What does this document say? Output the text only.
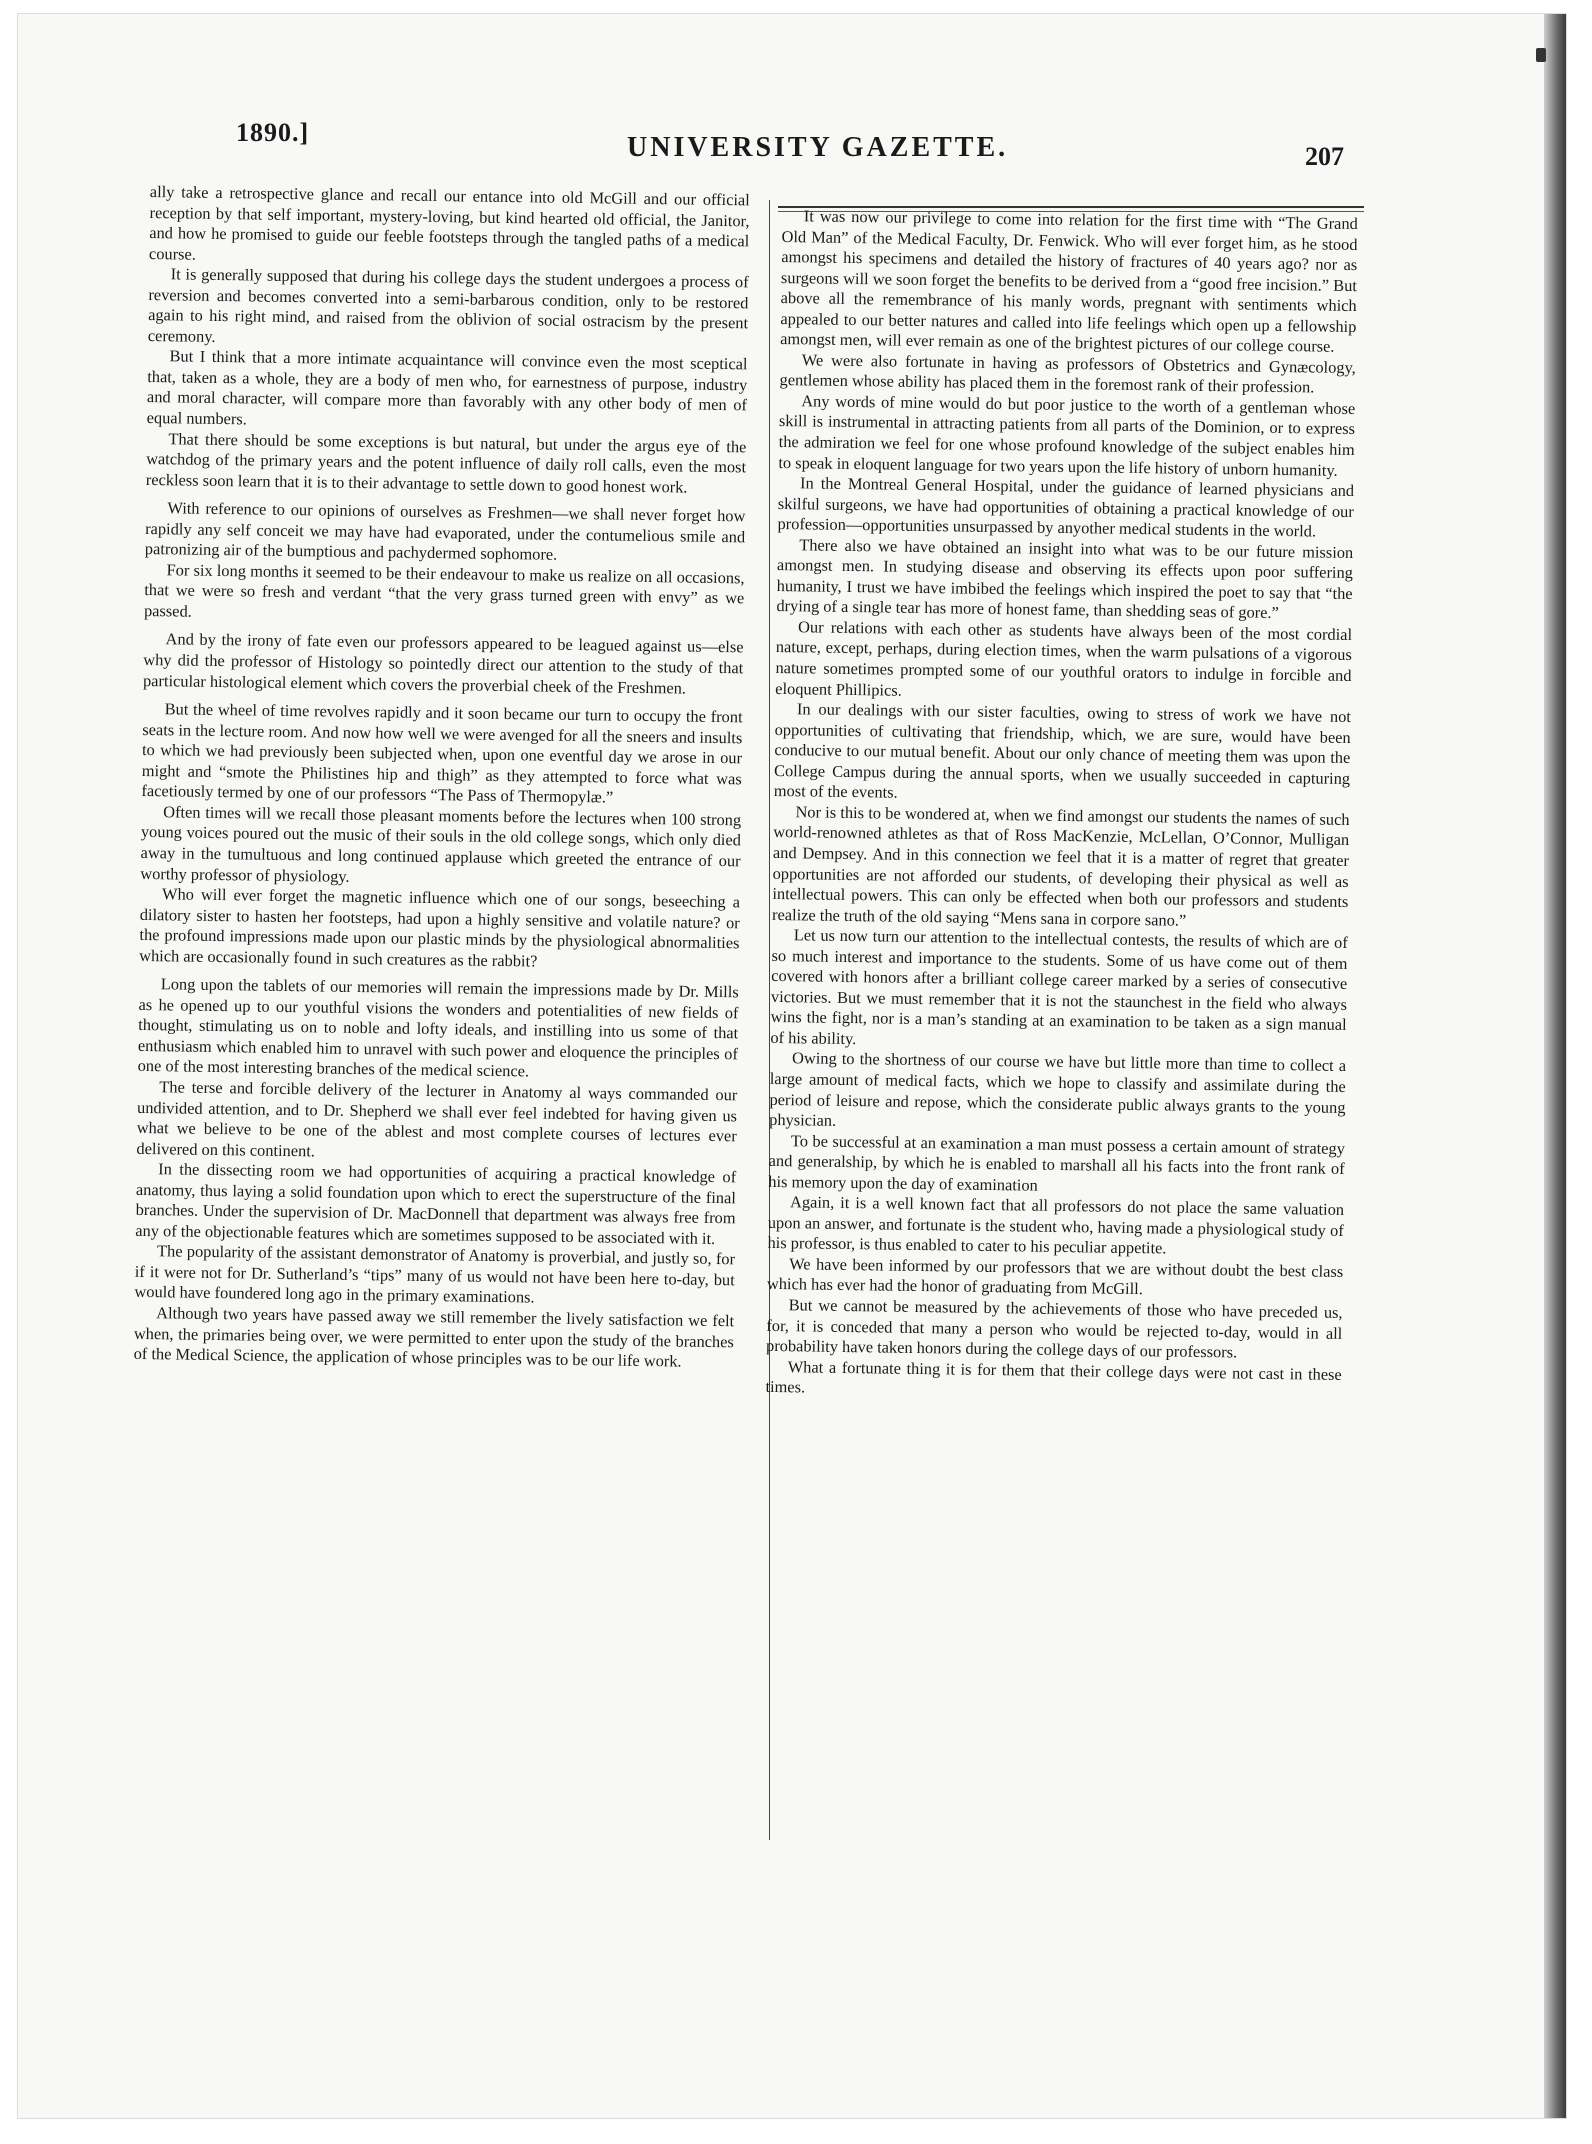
1890.]	UNIVERSITY GAZETTE.	207

ally take a retrospective glance and recall our ent​ance into old McGill and our official reception by that self important, mystery-loving, but kind hearted old official, the Janitor, and how he promised to guide our feeble footsteps through the tangled paths of a medical course.

It is generally supposed that during his college days the student undergoes a process of reversion and becomes converted into a semi-barbarous condition, only to be restored again to his right mind, and raised from the oblivion of social ostracism by the present ceremony.

But I think that a more intimate acquaintance will convince even the most sceptical that, taken as a whole, they are a body of men who, for earnestness of purpose, industry and moral character, will compare more than favorably with any other body of men of equal numbers.

That there should be some exceptions is but natural, but under the argus eye of the watchdog of the primary years and the potent influence of daily roll calls, even the most reckless soon learn that it is to their advantage to settle down to good honest work.

With reference to our opinions of ourselves as Freshmen—we shall never forget how rapidly any self conceit we may have had evaporated, under the contumelious smile and patronizing air of the bumptious and pachydermed sophomore.

For six long months it seemed to be their endeavour to make us realize on all occasions, that we were so fresh and verdant “that the very grass turned green with envy” as we passed.

And by the irony of fate even our professors appeared to be leagued against us—else why did the professor of Histology so pointedly direct our attention to the study of that particular histological element which covers the proverbial cheek of the Freshmen.

But the wheel of time revolves rapidly and it soon became our turn to occupy the front seats in the lecture room. And now how well we were avenged for all the sneers and insults to which we had previously been subjected when, upon one eventful day we arose in our might and “smote the Philistines hip and thigh” as they attempted to force what was facetiously termed by one of our professors “The Pass of Thermopylæ.”

Often times will we recall those pleasant moments before the lectures when 100 strong young voices poured out the music of their souls in the old college songs, which only died away in the tumultuous and long continued applause which greeted the entrance of our worthy professor of physiology.

Who will ever forget the magnetic influence which one of our songs, beseeching a dilatory sister to hasten her footsteps, had upon a highly sensitive and volatile nature? or the profound impressions made upon our plastic minds by the physiological abnormalities which are occasionally found in such creatures as the rabbit?

Long upon the tablets of our memories will remain the impressions made by Dr. Mills as he opened up to our youthful visions the wonders and potentialities of new fields of thought, stimulating us on to noble and lofty ideals, and instilling into us some of that enthusiasm which enabled him to unravel with such power and eloquence the principles of one of the most interesting branches of the medical science.

The terse and forcible delivery of the lecturer in Anatomy al ways commanded our undivided attention, and to Dr. Shepherd we shall ever feel indebted for having given us what we believe to be one of the ablest and most complete courses of lectures ever delivered on this continent.

In the dissecting room we had opportunities of acquiring a practical knowledge of anatomy, thus laying a solid foundation upon which to erect the superstructure of the final branches. Under the supervision of Dr. MacDonnell that department was always free from any of the objectionable features which are sometimes supposed to be associated with it.

The popularity of the assistant demonstrator of Anatomy is proverbial, and justly so, for if it were not for Dr. Sutherland’s “tips” many of us would not have been here to-day, but would have foundered long ago in the primary examinations.

Although two years have passed away we still remember the lively satisfaction we felt when, the primaries being over, we were permitted to enter upon the study of the branches of the Medical Science, the application of whose principles was to be our life work.

It was now our privilege to come into relation for the first time with “The Grand Old Man” of the Medical Faculty, Dr. Fenwick. Who will ever forget him, as he stood amongst his specimens and detailed the history of fractures of 40 years ago? nor as surgeons will we soon forget the benefits to be derived from a “good free incision.” But above all the remembrance of his manly words, pregnant with sentiments which appealed to our better natures and called into life feelings which open up a fellowship amongst men, will ever remain as one of the brightest pictures of our college course.

We were also fortunate in having as professors of Obstetrics and Gynæcology, gentlemen whose ability has placed them in the foremost rank of their profession.

Any words of mine would do but poor justice to the worth of a gentleman whose skill is instrumental in attracting patients from all parts of the Dominion, or to express the admiration we feel for one whose profound knowledge of the subject enables him to speak in eloquent language for two years upon the life history of unborn humanity.

In the Montreal General Hospital, under the guidance of learned physicians and skilful surgeons, we have had opportunities of obtaining a practical knowledge of our profession—opportunities unsurpassed by anyother medical students in the world.

There also we have obtained an insight into what was to be our future mission amongst men. In studying disease and observing its effects upon poor suffering humanity, I trust we have imbibed the feelings which inspired the poet to say that “the drying of a single tear has more of honest fame, than shedding seas of gore.”

Our relations with each other as students have always been of the most cordial nature, except, perhaps, during election times, when the warm pulsations of a vigorous nature sometimes prompted some of our youthful orators to indulge in forcible and eloquent Phillipics.

In our dealings with our sister faculties, owing to stress of work we have not opportunities of cultivating that friendship, which, we are sure, would have been conducive to our mutual benefit. About our only chance of meeting them was upon the College Campus during the annual sports, when we usually succeeded in capturing most of the events.

Nor is this to be wondered at, when we find amongst our students the names of such world-renowned athletes as that of Ross MacKenzie, McLellan, O’Connor, Mulligan and Dempsey. And in this connection we feel that it is a matter of regret that greater opportunities are not afforded our students, of developing their physical as well as intellectual powers. This can only be effected when both our professors and students realize the truth of the old saying “Mens sana in corpore sano.”

Let us now turn our attention to the intellectual contests, the results of which are of so much interest and importance to the students. Some of us have come out of them covered with honors after a brilliant college career marked by a series of consecutive victories. But we must remember that it is not the staunchest in the field who always wins the fight, nor is a man’s standing at an examination to be taken as a sign manual of his ability.

Owing to the shortness of our course we have but little more than time to collect a large amount of medical facts, which we hope to classify and assimilate during the period of leisure and repose, which the considerate public always grants to the young physician.

To be successful at an examination a man must possess a certain amount of strategy and generalship, by which he is enabled to marshall all his facts into the front rank of his memory upon the day of examination

Again, it is a well known fact that all professors do not place the same valuation upon an answer, and fortunate is the student who, having made a physiological study of his professor, is thus enabled to cater to his peculiar appetite.

We have been informed by our professors that we are without doubt the best class which has ever had the honor of graduating from McGill.

But we cannot be measured by the achievements of those who have preceded us, for, it is conceded that many a person who would be rejected to-day, would in all probability have taken honors during the college days of our professors.

What a fortunate thing it is for them that their college days were not cast in these times.
